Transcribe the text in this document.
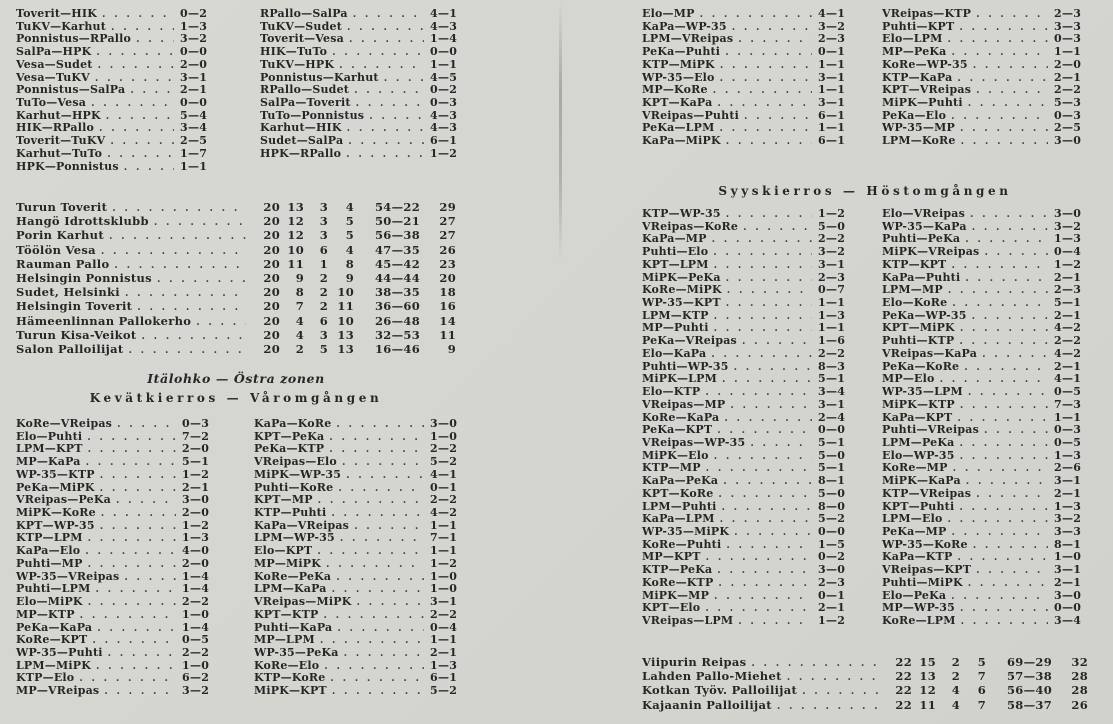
Toverit—HIK . . .	0—2
TuKV—Karhut . . .	1—3
Ponnistus—RPallo . . .	3—2
SalPa—HPK . . .	0—0
Vesa—Sudet . . .	2—0
Vesa—TuKV . . .	3—1
Ponnistus—SalPa . . .	2—1
TuTo—Vesa . . .	0—0
Karhut—HPK . . .	5—4
HIK—RPallo . . .	3—4
Toverit—TuKV . . .	2—5
Karhut—TuTo . . .	1—7
HPK—Ponnistus . . .	1—1
RPallo—SalPa . . .	4—1
TuKV—Sudet . . .	4—3
Toverit—Vesa . . .	1—4
HIK—TuTo . . .	0—0
TuKV—HPK . . .	1—1
Ponnistus—Karhut . . .	4—5
RPallo—Sudet . . .	0—2
SalPa—Toverit . . .	0—3
TuTo—Ponnistus . . .	4—3
Karhut—HIK . . .	4—3
Sudet—SalPa . . .	6—1
HPK—RPallo . . .	1—2
Turun Toverit . . .	20 13	3	4	54—22	29
Hangö Idrottsklubb . . .	20 12	3	5	50—21	27
Porin Karhut . . .	20 12	3	5	56—38	27
Töölön Vesa . . .	20 10	6	4	47—35	26
Rauman Pallo . . .	20 11	1	8	45—42	23
Helsingin Ponnistus . . .	20	9	2	9	44—44	20
Sudet, Helsinki . . .	20	8	2 10	38—35	18
Helsingin Toverit . . .	20	7	2 11	36—60	16
Hämeenlinnan Pallokerho . . .	20	4	6 10	26—48	14
Turun Kisa-Veikot . . .	20	4	3 13	32—53	11
Salon Palloilijat . . .	20	2	5 13	16—46	9
Itälohko — Östra zonen
Kevätkierros — Våromgången
KoRe—VReipas . . .	0—3
Elo—Puhti . . .	7—2
LPM—KPT . . .	2—0
MP—KaPa . . .	5—1
WP-35—KTP . . .	1—2
PeKa—MiPK . . .	2—1
VReipas—PeKa . . .	3—0
MiPK—KoRe . . .	2—0
KPT—WP-35 . . .	1—2
KTP—LPM . . .	1—3
KaPa—Elo . . .	4—0
Puhti—MP . . .	2—0
WP-35—VReipas . . .	1—4
Puhti—LPM . . .	1—4
Elo—MiPK . . .	2—2
MP—KTP . . .	1—0
PeKa—KaPa . . .	1—4
KoRe—KPT . . .	0—5
WP-35—Puhti . . .	2—2
LPM—MiPK . . .	1—0
KTP—Elo . . .	6—2
MP—VReipas . . .	3—2
KaPa—KoRe . . .	3—0
KPT—PeKa . . .	1—0
PeKa—KTP . . .	2—2
VReipas—Elo . . .	5—2
MiPK—WP-35 . . .	4—1
Puhti—KoRe . . .	0—1
KPT—MP . . .	2—2
KTP—Puhti . . .	4—2
KaPa—VReipas . . .	1—1
LPM—WP-35 . . .	7—1
Elo—KPT . . .	1—1
MP—MiPK . . .	1—2
KoRe—PeKa . . .	1—0
LPM—KaPa . . .	1—0
VReipas—MiPK . . .	3—1
KPT—KTP . . .	2—2
Puhti—KaPa . . .	0—4
MP—LPM . . .	1—1
WP-35—PeKa . . .	2—1
KoRe—Elo . . .	1—3
KTP—KoRe . . .	6—1
MiPK—KPT . . .	5—2
Elo—MP . . .	4—1
KaPa—WP-35 . . .	3—2
LPM—VReipas . . .	2—3
PeKa—Puhti . . .	0—1
KTP—MiPK . . .	1—1
WP-35—Elo . . .	3—1
MP—KoRe . . .	1—1
KPT—KaPa . . .	3—1
VReipas—Puhti . . .	6—1
PeKa—LPM . . .	1—1
KaPa—MiPK . . .	6—1
VReipas—KTP . . .	2—3
Puhti—KPT . . .	3—3
Elo—LPM . . .	0—3
MP—PeKa . . .	1—1
KoRe—WP-35 . . .	2—0
KTP—KaPa . . .	2—1
KPT—VReipas . . .	2—2
MiPK—Puhti . . .	5—3
PeKa—Elo . . .	0—3
WP-35—MP . . .	2—5
LPM—KoRe . . .	3—0
Syyskierros — Höstomgången
KTP—WP-35 . . .	1—2
VReipas—KoRe . . .	5—0
KaPa—MP . . .	2—2
Puhti—Elo . . .	3—2
KPT—LPM . . .	3—1
MiPK—PeKa . . .	2—3
KoRe—MiPK . . .	0—7
WP-35—KPT . . .	1—1
LPM—KTP . . .	1—3
MP—Puhti . . .	1—1
PeKa—VReipas . . .	1—6
Elo—KaPa . . .	2—2
Puhti—WP-35 . . .	8—3
MiPK—LPM . . .	5—1
Elo—KTP . . .	3—4
VReipas—MP . . .	3—1
KoRe—KaPa . . .	2—4
PeKa—KPT . . .	0—0
VReipas—WP-35 . . .	5—1
MiPK—Elo . . .	5—0
KTP—MP . . .	5—1
KaPa—PeKa . . .	8—1
KPT—KoRe . . .	5—0
LPM—Puhti . . .	8—0
KaPa—LPM . . .	5—2
WP-35—MiPK . . .	0—0
KoRe—Puhti . . .	1—5
MP—KPT . . .	0—2
KTP—PeKa . . .	3—0
KoRe—KTP . . .	2—3
MiPK—MP . . .	0—1
KPT—Elo . . .	2—1
VReipas—LPM . . .	1—2
Elo—VReipas . . .	3—0
WP-35—KaPa . . .	3—2
Puhti—PeKa . . .	1—3
MiPK—VReipas . . .	0—4
KTP—KPT . . .	1—2
KaPa—Puhti . . .	2—1
LPM—MP . . .	2—3
Elo—KoRe . . .	5—1
PeKa—WP-35 . . .	2—1
KPT—MiPK . . .	4—2
Puhti—KTP . . .	2—2
VReipas—KaPa . . .	4—2
PeKa—KoRe . . .	2—1
MP—Elo . . .	4—1
WP-35—LPM . . .	0—5
MiPK—KTP . . .	7—3
KaPa—KPT . . .	1—1
Puhti—VReipas . . .	0—3
LPM—PeKa . . .	0—5
Elo—WP-35 . . .	1—3
KoRe—MP . . .	2—6
MiPK—KaPa . . .	3—1
KTP—VReipas . . .	2—1
KPT—Puhti . . .	1—3
LPM—Elo . . .	3—2
PeKa—MP . . .	3—3
WP-35—KoRe . . .	8—1
KaPa—KTP . . .	1—0
VReipas—KPT . . .	3—1
Puhti—MiPK . . .	2—1
Elo—PeKa . . .	3—0
MP—WP-35 . . .	0—0
KoRe—LPM . . .	3—4
Viipurin Reipas . . .	22 15	2	5	69—29	32
Lahden Pallo-Miehet . . .	22 13	2	7	57—38	28
Kotkan Työv. Palloilijat . . .	22 12	4	6	56—40	28
Kajaanin Palloilijat . . .	22 11	4	7	58—37	26
